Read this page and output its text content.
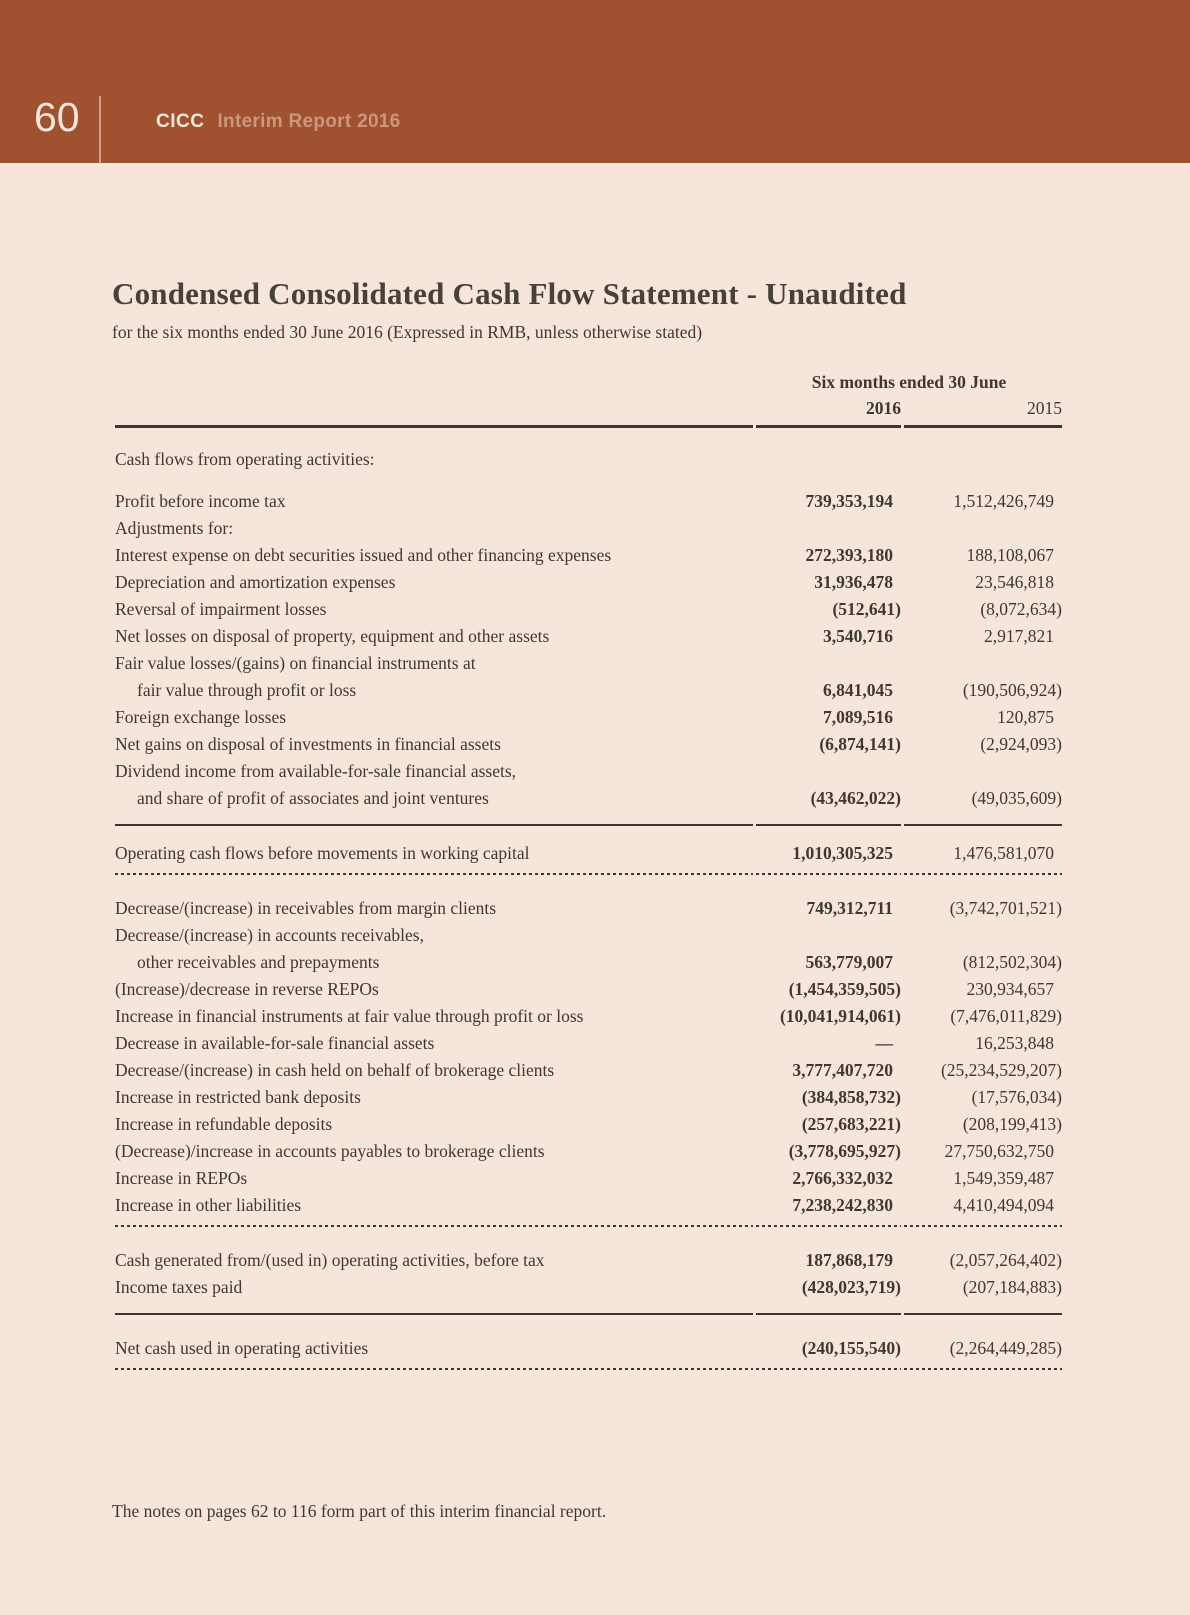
60	CICC Interim Report 2016
Condensed Consolidated Cash Flow Statement - Unaudited
for the six months ended 30 June 2016 (Expressed in RMB, unless otherwise stated)
	Six months ended 30 June	
	2016	2015
Cash flows from operating activities:		
Profit before income tax	739,353,194	1,512,426,749
Adjustments for:		
Interest expense on debt securities issued and other financing expenses	272,393,180	188,108,067
Depreciation and amortization expenses	31,936,478	23,546,818
Reversal of impairment losses	(512,641)	(8,072,634)
Net losses on disposal of property, equipment and other assets	3,540,716	2,917,821
Fair value losses/(gains) on financial instruments at		
fair value through profit or loss	6,841,045	(190,506,924)
Foreign exchange losses	7,089,516	120,875
Net gains on disposal of investments in financial assets	(6,874,141)	(2,924,093)
Dividend income from available-for-sale financial assets,		
and share of profit of associates and joint ventures	(43,462,022)	(49,035,609)
Operating cash flows before movements in working capital	1,010,305,325	1,476,581,070
Decrease/(increase) in receivables from margin clients	749,312,711	(3,742,701,521)
Decrease/(increase) in accounts receivables,		
other receivables and prepayments	563,779,007	(812,502,304)
(Increase)/decrease in reverse REPOs	(1,454,359,505)	230,934,657
Increase in financial instruments at fair value through profit or loss	(10,041,914,061)	(7,476,011,829)
Decrease in available-for-sale financial assets	—	16,253,848
Decrease/(increase) in cash held on behalf of brokerage clients	3,777,407,720	(25,234,529,207)
Increase in restricted bank deposits	(384,858,732)	(17,576,034)
Increase in refundable deposits	(257,683,221)	(208,199,413)
(Decrease)/increase in accounts payables to brokerage clients	(3,778,695,927)	27,750,632,750
Increase in REPOs	2,766,332,032	1,549,359,487
Increase in other liabilities	7,238,242,830	4,410,494,094
Cash generated from/(used in) operating activities, before tax	187,868,179	(2,057,264,402)
Income taxes paid	(428,023,719)	(207,184,883)
Net cash used in operating activities	(240,155,540)	(2,264,449,285)
The notes on pages 62 to 116 form part of this interim financial report.
